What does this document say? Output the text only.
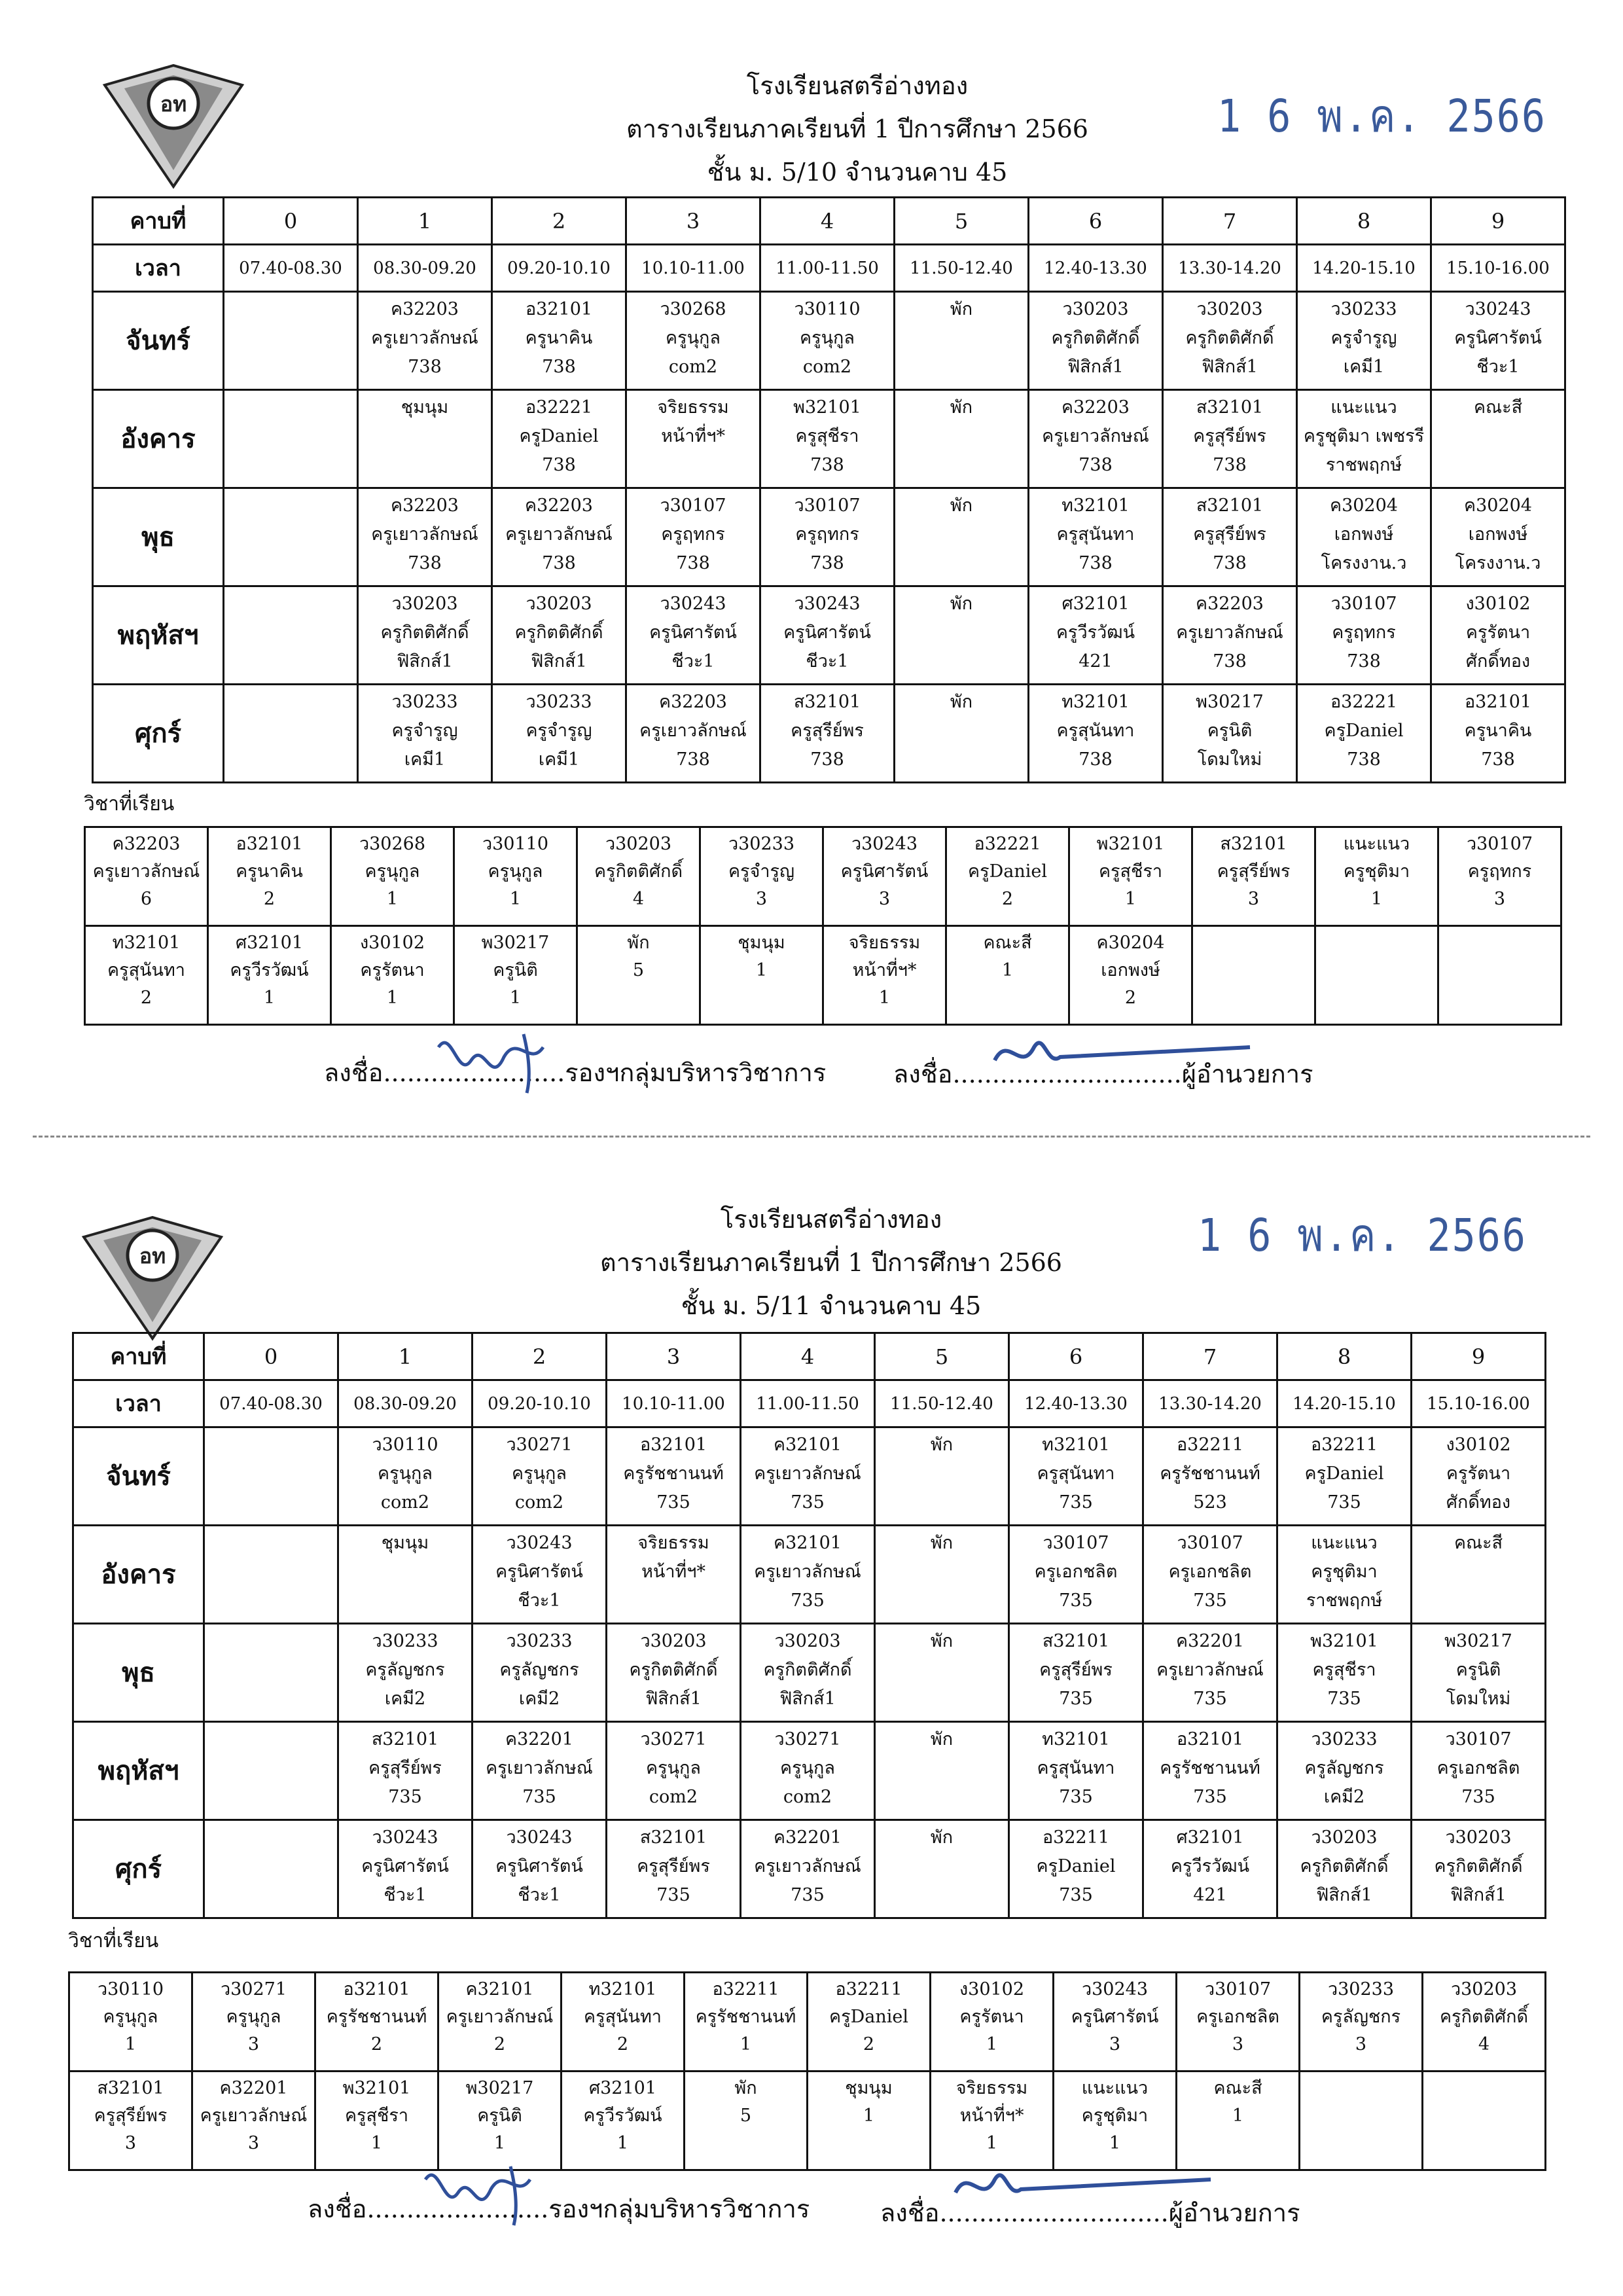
อท
โรงเรียนสตรีอ่างทอง
ตารางเรียนภาคเรียนที่ 1 ปีการศึกษา 2566
ชั้น ม. 5/10 จำนวนคาบ 45
1 6 พ.ค. 2566
คาบที่	0	1	2	3	4	5	6	7	8	9
เวลา	07.40-08.30	08.30-09.20	09.20-10.10	10.10-11.00	11.00-11.50	11.50-12.40	12.40-13.30	13.30-14.20	14.20-15.10	15.10-16.00
จันทร์		ค32203
ครูเยาวลักษณ์
738	อ32101
ครูนาคิน
738	ว30268
ครูนุกูล
com2	ว30110
ครูนุกูล
com2	พัก	ว30203
ครูกิตติศักดิ์
ฟิสิกส์1	ว30203
ครูกิตติศักดิ์
ฟิสิกส์1	ว30233
ครูจำรูญ
เคมี1	ว30243
ครูนิศารัตน์
ชีวะ1

อังคาร		ชุมนุม	อ32221
ครูDaniel
738	จริยธรรม
หน้าที่ฯ*	พ32101
ครูสุชีรา
738	พัก	ค32203
ครูเยาวลักษณ์
738	ส32101
ครูสุรีย์พร
738	แนะแนว
ครูชุติมา เพชรรี
ราชพฤกษ์	คณะสี

พุธ		ค32203
ครูเยาวลักษณ์
738	ค32203
ครูเยาวลักษณ์
738	ว30107
ครูฤทกร
738	ว30107
ครูฤทกร
738	พัก	ท32101
ครูสุนันทา
738	ส32101
ครูสุรีย์พร
738	ค30204
เอกพงษ์
โครงงาน.ว	ค30204
เอกพงษ์
โครงงาน.ว

พฤหัสฯ		ว30203
ครูกิตติศักดิ์
ฟิสิกส์1	ว30203
ครูกิตติศักดิ์
ฟิสิกส์1	ว30243
ครูนิศารัตน์
ชีวะ1	ว30243
ครูนิศารัตน์
ชีวะ1	พัก	ศ32101
ครูวีรวัฒน์
421	ค32203
ครูเยาวลักษณ์
738	ว30107
ครูฤทกร
738	ง30102
ครูรัตนา
ศักดิ์ทอง

ศุกร์		ว30233
ครูจำรูญ
เคมี1	ว30233
ครูจำรูญ
เคมี1	ค32203
ครูเยาวลักษณ์
738	ส32101
ครูสุรีย์พร
738	พัก	ท32101
ครูสุนันทา
738	พ30217
ครูนิติ
โดมใหม่	อ32221
ครูDaniel
738	อ32101
ครูนาคิน
738
วิชาที่เรียน
ค32203
ครูเยาวลักษณ์
6	อ32101
ครูนาคิน
2	ว30268
ครูนุกูล
1	ว30110
ครูนุกูล
1	ว30203
ครูกิตติศักดิ์
4	ว30233
ครูจำรูญ
3	ว30243
ครูนิศารัตน์
3	อ32221
ครูDaniel
2	พ32101
ครูสุชีรา
1	ส32101
ครูสุรีย์พร
3	แนะแนว
ครูชุติมา
1	ว30107
ครูฤทกร
3

ท32101
ครูสุนันทา
2	ศ32101
ครูวีรวัฒน์
1	ง30102
ครูรัตนา
1	พ30217
ครูนิติ
1	พัก
5	ชุมนุม
1	จริยธรรม
หน้าที่ฯ*
1	คณะสี
1	ค30204
เอกพงษ์
2			

ลงชื่อ.......................รองฯกลุ่มบริหารวิชาการ	ลงชื่อ.............................ผู้อำนวยการ
อท
โรงเรียนสตรีอ่างทอง
ตารางเรียนภาคเรียนที่ 1 ปีการศึกษา 2566
ชั้น ม. 5/11 จำนวนคาบ 45
1 6 พ.ค. 2566
คาบที่	0	1	2	3	4	5	6	7	8	9
เวลา	07.40-08.30	08.30-09.20	09.20-10.10	10.10-11.00	11.00-11.50	11.50-12.40	12.40-13.30	13.30-14.20	14.20-15.10	15.10-16.00
จันทร์		ว30110
ครูนุกูล
com2	ว30271
ครูนุกูล
com2	อ32101
ครูรัชชานนท์
735	ค32101
ครูเยาวลักษณ์
735	พัก	ท32101
ครูสุนันทา
735	อ32211
ครูรัชชานนท์
523	อ32211
ครูDaniel
735	ง30102
ครูรัตนา
ศักดิ์ทอง

อังคาร		ชุมนุม	ว30243
ครูนิศารัตน์
ชีวะ1	จริยธรรม
หน้าที่ฯ*	ค32101
ครูเยาวลักษณ์
735	พัก	ว30107
ครูเอกชลิต
735	ว30107
ครูเอกชลิต
735	แนะแนว
ครูชุติมา
ราชพฤกษ์	คณะสี

พุธ		ว30233
ครูลัญชกร
เคมี2	ว30233
ครูลัญชกร
เคมี2	ว30203
ครูกิตติศักดิ์
ฟิสิกส์1	ว30203
ครูกิตติศักดิ์
ฟิสิกส์1	พัก	ส32101
ครูสุรีย์พร
735	ค32201
ครูเยาวลักษณ์
735	พ32101
ครูสุชีรา
735	พ30217
ครูนิติ
โดมใหม่

พฤหัสฯ		ส32101
ครูสุรีย์พร
735	ค32201
ครูเยาวลักษณ์
735	ว30271
ครูนุกูล
com2	ว30271
ครูนุกูล
com2	พัก	ท32101
ครูสุนันทา
735	อ32101
ครูรัชชานนท์
735	ว30233
ครูลัญชกร
เคมี2	ว30107
ครูเอกชลิต
735

ศุกร์		ว30243
ครูนิศารัตน์
ชีวะ1	ว30243
ครูนิศารัตน์
ชีวะ1	ส32101
ครูสุรีย์พร
735	ค32201
ครูเยาวลักษณ์
735	พัก	อ32211
ครูDaniel
735	ศ32101
ครูวีรวัฒน์
421	ว30203
ครูกิตติศักดิ์
ฟิสิกส์1	ว30203
ครูกิตติศักดิ์
ฟิสิกส์1
วิชาที่เรียน
ว30110
ครูนุกูล
1	ว30271
ครูนุกูล
3	อ32101
ครูรัชชานนท์
2	ค32101
ครูเยาวลักษณ์
2	ท32101
ครูสุนันทา
2	อ32211
ครูรัชชานนท์
1	อ32211
ครูDaniel
2	ง30102
ครูรัตนา
1	ว30243
ครูนิศารัตน์
3	ว30107
ครูเอกชลิต
3	ว30233
ครูลัญชกร
3	ว30203
ครูกิตติศักดิ์
4

ส32101
ครูสุรีย์พร
3	ค32201
ครูเยาวลักษณ์
3	พ32101
ครูสุชีรา
1	พ30217
ครูนิติ
1	ศ32101
ครูวีรวัฒน์
1	พัก
5	ชุมนุม
1	จริยธรรม
หน้าที่ฯ*
1	แนะแนว
ครูชุติมา
1	คณะสี
1		

ลงชื่อ.......................รองฯกลุ่มบริหารวิชาการ	ลงชื่อ.............................ผู้อำนวยการ
